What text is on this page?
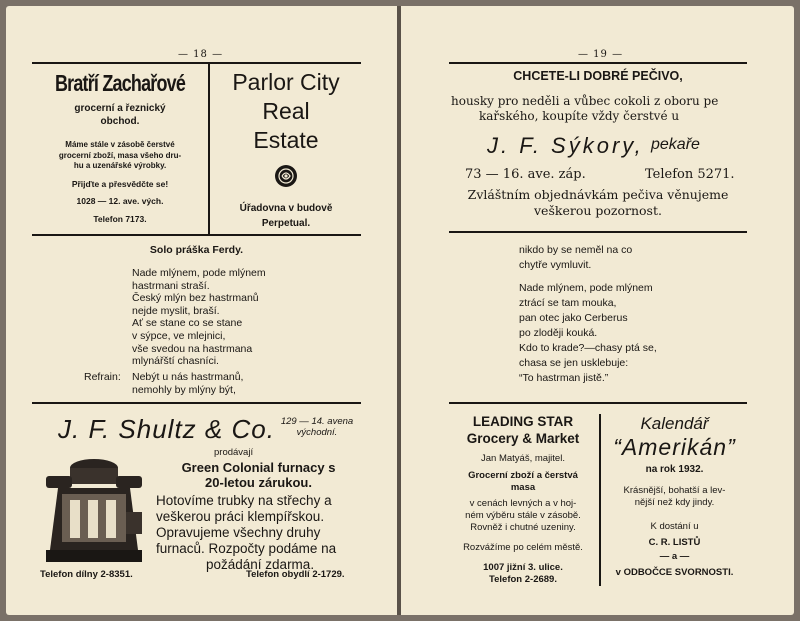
— 18 —
Bratří Zachařové
grocerní a řeznický
obchod.
Máme stále v zásobě čerstvé
grocerní zboží, masa všeho dru-
hu a uzenářské výrobky.
Přijďte a přesvědčte se!
1028 — 12. ave. vých.
Telefon 7173.
Parlor City
Real
Estate
Úřadovna v budově
Perpetual.
Solo práška Ferdy.
Nade mlýnem, pode mlýnem
hastrmani straší.
Český mlýn bez hastrmanů
nejde myslit, braší.
Ať se stane co se stane
v sýpce, ve mlejnici,
vše svedou na hastrmana
mlynářští chasníci.
Refrain: Nebýt u nás hastrmanů,
nemohly by mlýny být,
J. F. Shultz & Co. 129 — 14. avena
východní.
prodávají
Green Colonial furnacy s
20-letou zárukou.
Hotovíme trubky na střechy a
veškerou práci klempířskou.
Opravujeme všechny druhy
furnaců. Rozpočty podáme na
požádání zdarma.
Telefon dílny 2-8351.	Telefon obydlí 2-1729.
— 19 —
CHCETE-LI DOBRÉ PEČIVO,
housky pro neděli a vůbec cokoli z oboru pe
kařského, koupíte vždy čerstvé u
J. F. Sýkory, pekaře
73 — 16. ave. záp.	Telefon 5271.
Zvláštním objednávkám pečiva věnujeme
veškerou pozornost.
nikdo by se neměl na co
chytře vymluvit.
Nade mlýnem, pode mlýnem
ztrácí se tam mouka,
pan otec jako Cerberus
po zloději kouká.
Kdo to krade?—chasy ptá se,
chasa se jen usklebuje:
“To hastrman jistě.”
LEADING STAR
Grocery & Market
Jan Matyáš, majitel.
Grocerní zboží a čerstvá
masa
v cenách levných a v hoj-
ném výběru stále v zásobě.
Rovněž i chutné uzeniny.
Rozvážíme po celém městě.
1007 jižní 3. ulice.
Telefon 2-2689.
Kalendář
“Amerikán”
na rok 1932.
Krásnější, bohatší a lev-
nější než kdy jindy.
K dostání u
C. R. LISTŮ
— a —
v ODBOČCE SVORNOSTI.
